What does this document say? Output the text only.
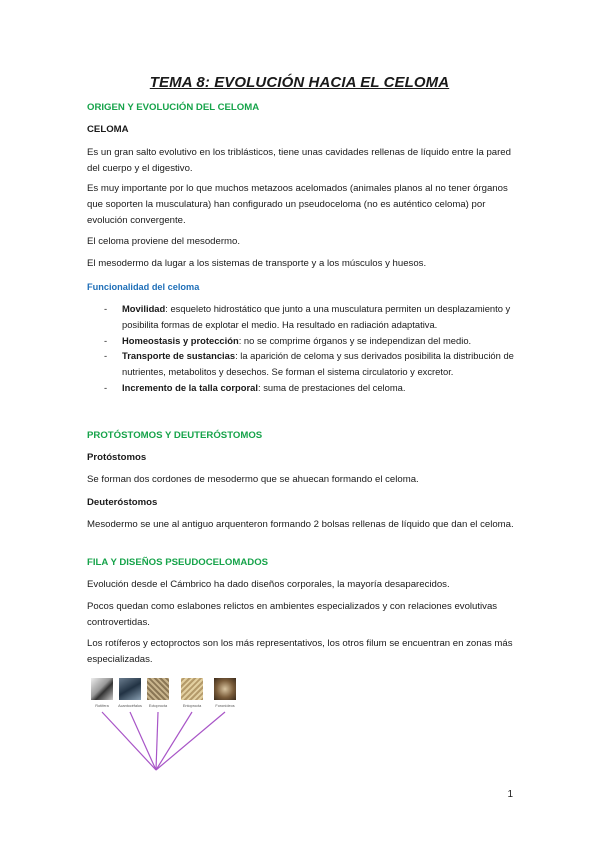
TEMA 8: EVOLUCIÓN HACIA EL CELOMA
ORIGEN Y EVOLUCIÓN DEL CELOMA
CELOMA

Es un gran salto evolutivo en los triblásticos, tiene unas cavidades rellenas de líquido entre la pared del cuerpo y el digestivo.

Es muy importante por lo que muchos metazoos acelomados (animales planos al no tener órganos que soporten la musculatura) han configurado un pseudoceloma (no es auténtico celoma) por evolución convergente.

El celoma proviene del mesodermo.

El mesodermo da lugar a los sistemas de transporte y a los músculos y huesos.

Funcionalidad del celoma
- Movilidad: esqueleto hidrostático que junto a una musculatura permiten un desplazamiento y posibilita formas de explotar el medio. Ha resultado en radiación adaptativa.
- Homeostasis y protección: no se comprime órganos y se independizan del medio.
- Transporte de sustancias: la aparición de celoma y sus derivados posibilita la distribución de nutrientes, metabolitos y desechos. Se forman el sistema circulatorio y excretor.
- Incremento de la talla corporal: suma de prestaciones del celoma.
PROTÓSTOMOS Y DEUTERÓSTOMOS
Protóstomos

Se forman dos cordones de mesodermo que se ahuecan formando el celoma.

Deuteróstomos

Mesodermo se une al antiguo arquenteron formando 2 bolsas rellenas de líquido que dan el celoma.

FILA Y DISEÑOS PSEUDOCELOMADOS

Evolución desde el Cámbrico ha dado diseños corporales, la mayoría desaparecidos.

Pocos quedan como eslabones relictos en ambientes especializados y con relaciones evolutivas controvertidas.

Los rotíferos y ectoproctos son los más representativos, los otros filum se encuentran en zonas más especializadas.

Rotífera	Acantocéfalos	Ectoprocta	Entoprocta	Foronídeos
1
